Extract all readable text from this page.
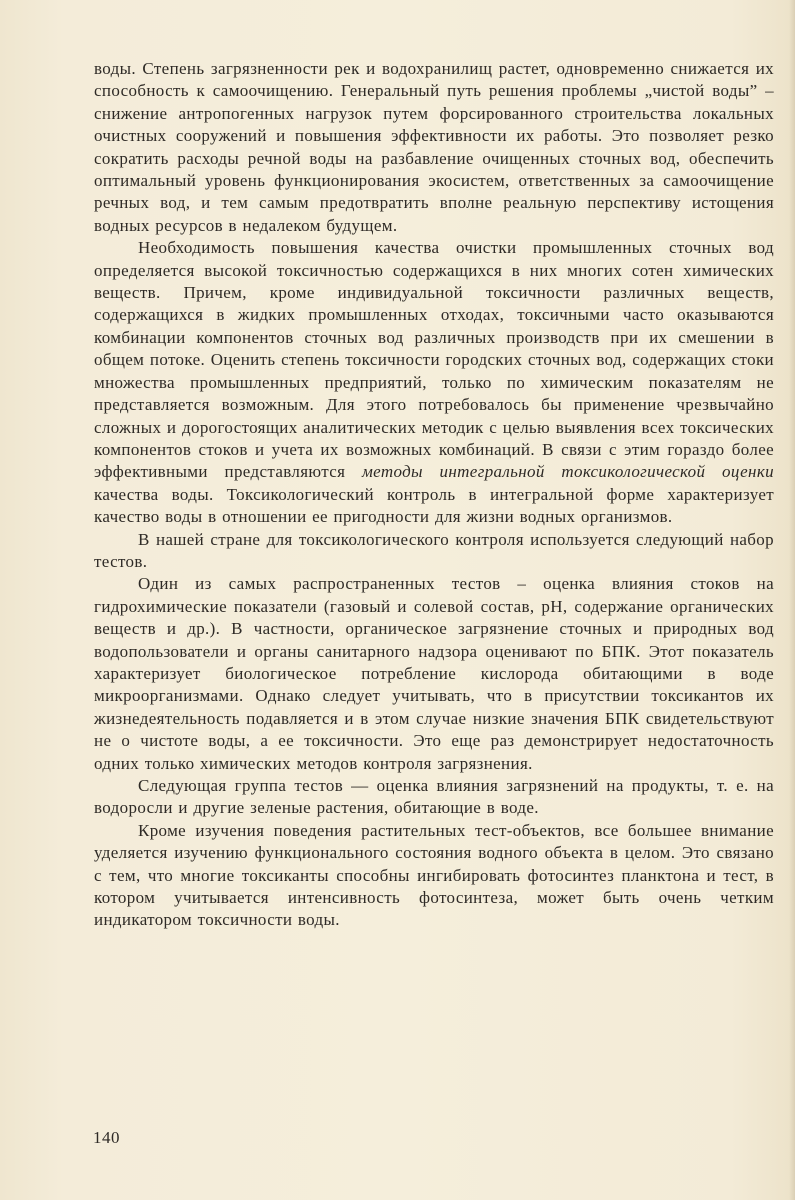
воды. Степень загрязненности рек и водохранилищ растет, одновременно снижается их способность к самоочищению. Генеральный путь решения проблемы „чистой воды” – снижение антропогенных нагрузок путем форсированного строительства локальных очистных сооружений и повышения эффективности их работы. Это позволяет резко сократить расходы речной воды на разбавление очищенных сточных вод, обеспечить оптимальный уровень функционирования экосистем, ответственных за самоочищение речных вод, и тем самым предотвратить вполне реальную перспективу истощения водных ресурсов в недалеком будущем.

Необходимость повышения качества очистки промышленных сточных вод определяется высокой токсичностью содержащихся в них многих сотен химических веществ. Причем, кроме индивидуальной токсичности различных веществ, содержащихся в жидких промышленных отходах, токсичными часто оказываются комбинации компонентов сточных вод различных производств при их смешении в общем потоке. Оценить степень токсичности городских сточных вод, содержащих стоки множества промышленных предприятий, только по химическим показателям не представляется возможным. Для этого потребовалось бы применение чрезвычайно сложных и дорогостоящих аналитических методик с целью выявления всех токсических компонентов стоков и учета их возможных комбинаций. В связи с этим гораздо более эффективными представляются методы интегральной токсикологической оценки качества воды. Токсикологический контроль в интегральной форме характеризует качество воды в отношении ее пригодности для жизни водных организмов.

В нашей стране для токсикологического контроля используется следующий набор тестов.

Один из самых распространенных тестов – оценка влияния стоков на гидрохимические показатели (газовый и солевой состав, pH, содержание органических веществ и др.). В частности, органическое загрязнение сточных и природных вод водопользователи и органы санитарного надзора оценивают по БПК. Этот показатель характеризует биологическое потребление кислорода обитающими в воде микроорганизмами. Однако следует учитывать, что в присутствии токсикантов их жизнедеятельность подавляется и в этом случае низкие значения БПК свидетельствуют не о чистоте воды, а ее токсичности. Это еще раз демонстрирует недостаточность одних только химических методов контроля загрязнения.

Следующая группа тестов — оценка влияния загрязнений на продукты, т. е. на водоросли и другие зеленые растения, обитающие в воде.

Кроме изучения поведения растительных тест-объектов, все большее внимание уделяется изучению функционального состояния водного объекта в целом. Это связано с тем, что многие токсиканты способны ингибировать фотосинтез планктона и тест, в котором учитывается интенсивность фотосинтеза, может быть очень четким индикатором токсичности воды.

140
